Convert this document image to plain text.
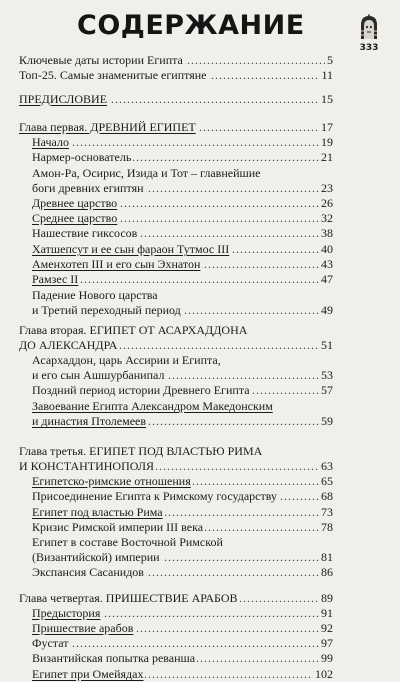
СОДЕРЖАНИЕ
333
.....
Ключевые даты истории Египта	5
.....
Топ-25. Самые знаменитые египтяне	11
.....
ПРЕДИСЛОВИЕ	15
.....
Глава первая. ДРЕВНИЙ ЕГИПЕТ	17
.....
Начало	19
.....
Нармер-основатель	21
Амон-Ра, Осирис, Изида и Тот – главнейшие
.....
боги древних египтян	23
.....
Древнее царство	26
.....
Среднее царство	32
.....
Нашествие гиксосов	38
.....
Хатшепсут и ее сын фараон Тутмос III	40
.....
Аменхотеп III и его сын Эхнатон	43
.....
Рамзес II	47
Падение Нового царства
.....
и Третий переходный период	49
Глава вторая. ЕГИПЕТ ОТ АСАРХАДДОНА
.....
ДО АЛЕКСАНДРА	51
Асархаддон, царь Ассирии и Египта,
.....
и его сын Ашшурбанипал	53
.....
Поздний период истории Древнего Египта	57
Завоевание Египта Александром Македонским
.....
и династия Птолемеев	59
Глава третья. ЕГИПЕТ ПОД ВЛАСТЬЮ РИМА
.....
И КОНСТАНТИНОПОЛЯ	63
.....
Египетско-римские отношения	65
.....
Присоединение Египта к Римскому государству	68
.....
Египет под властью Рима	73
.....
Кризис Римской империи III века	78
Египет в составе Восточной Римской
.....
(Византийской) империи	81
.....
Экспансия Сасанидов	86
.....
Глава четвертая. ПРИШЕСТВИЕ АРАБОВ	89
.....
Предыстория	91
.....
Пришествие арабов	92
.....
Фустат	97
.....
Византийская попытка реванша	99
.....
Египет при Омейядах	102
